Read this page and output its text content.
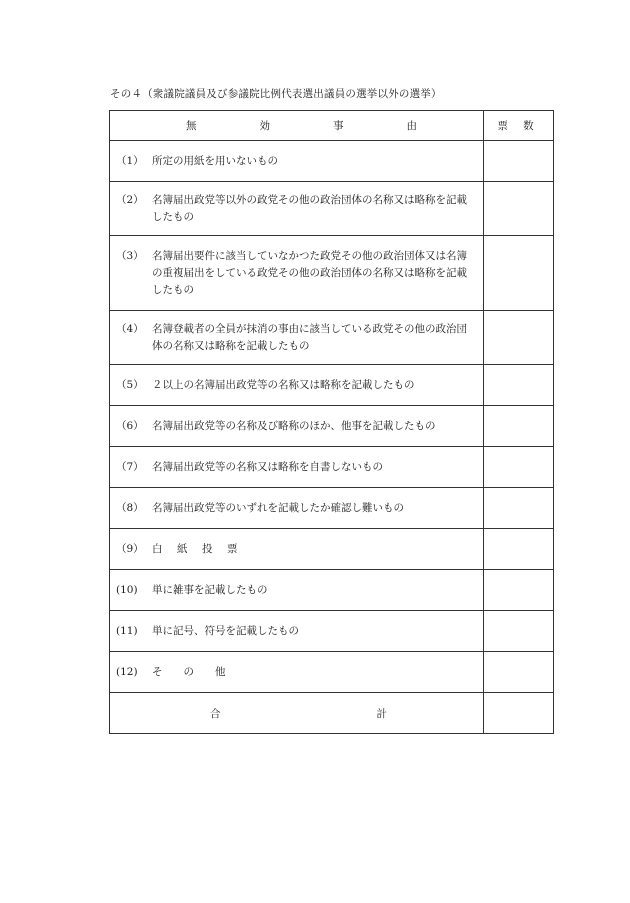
その４（衆議院議員及び参議院比例代表選出議員の選挙以外の選挙）
無 効 事 由	票 数

（1） 所定の用紙を用いないもの	

（2） 名簿届出政党等以外の政党その他の政治団体の名称又は略称を記載したもの	

（3） 名簿届出要件に該当していなかつた政党その他の政治団体又は名簿の重複届出をしている政党その他の政治団体の名称又は略称を記載したもの	

（4） 名簿登載者の全員が抹消の事由に該当している政党その他の政治団体の名称又は略称を記載したもの	

（5） ２以上の名簿届出政党等の名称又は略称を記載したもの	

（6） 名簿届出政党等の名称及び略称のほか、他事を記載したもの	

（7） 名簿届出政党等の名称又は略称を自書しないもの	

（8） 名簿届出政党等のいずれを記載したか確認し難いもの	

（9） 白　紙　投　票	

(10) 単に雑事を記載したもの	

(11) 単に記号、符号を記載したもの	

(12) そ　　の　　他	

合 計	
